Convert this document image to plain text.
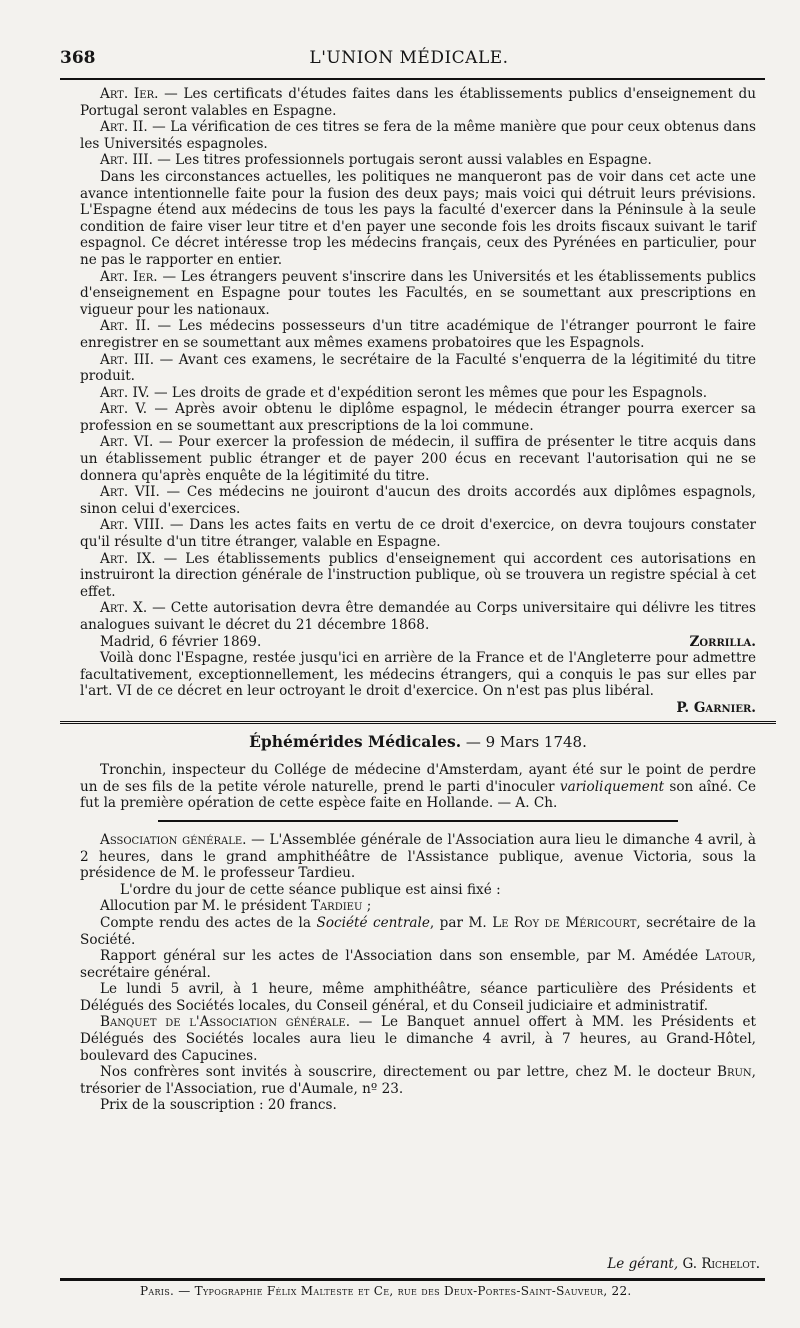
368	L'UNION MÉDICALE.

Art. Ier. — Les certificats d'études faites dans les établissements publics d'enseignement du Portugal seront valables en Espagne.

Art. II. — La vérification de ces titres se fera de la même manière que pour ceux obtenus dans les Universités espagnoles.

Art. III. — Les titres professionnels portugais seront aussi valables en Espagne.

Dans les circonstances actuelles, les politiques ne manqueront pas de voir dans cet acte une avance intentionnelle faite pour la fusion des deux pays; mais voici qui détruit leurs prévisions. L'Espagne étend aux médecins de tous les pays la faculté d'exercer dans la Péninsule à la seule condition de faire viser leur titre et d'en payer une seconde fois les droits fiscaux suivant le tarif espagnol. Ce décret intéresse trop les médecins français, ceux des Pyrénées en particulier, pour ne pas le rapporter en entier.

Art. Ier. — Les étrangers peuvent s'inscrire dans les Universités et les établissements publics d'enseignement en Espagne pour toutes les Facultés, en se soumettant aux prescriptions en vigueur pour les nationaux.

Art. II. — Les médecins possesseurs d'un titre académique de l'étranger pourront le faire enregistrer en se soumettant aux mêmes examens probatoires que les Espagnols.

Art. III. — Avant ces examens, le secrétaire de la Faculté s'enquerra de la légitimité du titre produit.

Art. IV. — Les droits de grade et d'expédition seront les mêmes que pour les Espagnols.

Art. V. — Après avoir obtenu le diplôme espagnol, le médecin étranger pourra exercer sa profession en se soumettant aux prescriptions de la loi commune.

Art. VI. — Pour exercer la profession de médecin, il suffira de présenter le titre acquis dans un établissement public étranger et de payer 200 écus en recevant l'autorisation qui ne se donnera qu'après enquête de la légitimité du titre.

Art. VII. — Ces médecins ne jouiront d'aucun des droits accordés aux diplômes espagnols, sinon celui d'exercices.

Art. VIII. — Dans les actes faits en vertu de ce droit d'exercice, on devra toujours constater qu'il résulte d'un titre étranger, valable en Espagne.

Art. IX. — Les établissements publics d'enseignement qui accordent ces autorisations en instruiront la direction générale de l'instruction publique, où se trouvera un registre spécial à cet effet.

Art. X. — Cette autorisation devra être demandée au Corps universitaire qui délivre les titres analogues suivant le décret du 21 décembre 1868.

Madrid, 6 février 1869.	Zorrilla.

Voilà donc l'Espagne, restée jusqu'ici en arrière de la France et de l'Angleterre pour admettre facultativement, exceptionnellement, les médecins étrangers, qui a conquis le pas sur elles par l'art. VI de ce décret en leur octroyant le droit d'exercice. On n'est pas plus libéral.

P. Garnier.

Éphémérides Médicales. — 9 Mars 1748.

Tronchin, inspecteur du Collége de médecine d'Amsterdam, ayant été sur le point de perdre un de ses fils de la petite vérole naturelle, prend le parti d'inoculer varioliquement son aîné. Ce fut la première opération de cette espèce faite en Hollande. — A. Ch.

Association générale. — L'Assemblée générale de l'Association aura lieu le dimanche 4 avril, à 2 heures, dans le grand amphithéâtre de l'Assistance publique, avenue Victoria, sous la présidence de M. le professeur Tardieu.

L'ordre du jour de cette séance publique est ainsi fixé :

Allocution par M. le président Tardieu ;

Compte rendu des actes de la Société centrale, par M. Le Roy de Méricourt, secrétaire de la Société.

Rapport général sur les actes de l'Association dans son ensemble, par M. Amédée Latour, secrétaire général.

Le lundi 5 avril, à 1 heure, même amphithéâtre, séance particulière des Présidents et Délégués des Sociétés locales, du Conseil général, et du Conseil judiciaire et administratif.

Banquet de l'Association générale. — Le Banquet annuel offert à MM. les Présidents et Délégués des Sociétés locales aura lieu le dimanche 4 avril, à 7 heures, au Grand-Hôtel, boulevard des Capucines.

Nos confrères sont invités à souscrire, directement ou par lettre, chez M. le docteur Brun, trésorier de l'Association, rue d'Aumale, nº 23.

Prix de la souscription : 20 francs.

Le gérant, G. Richelot.
Paris. — Typographie Félix Malteste et Ce, rue des Deux-Portes-Saint-Sauveur, 22.
